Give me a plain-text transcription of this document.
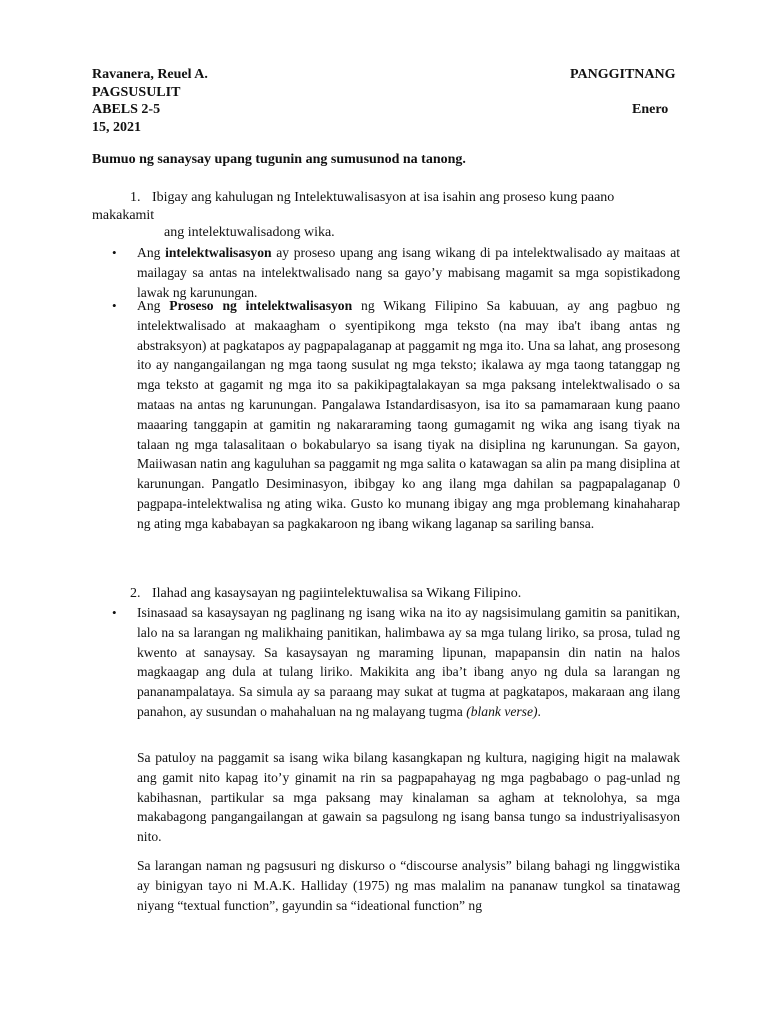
Ravanera, Reuel A.	PANGGITNANG
PAGSUSULIT
ABELS 2-5	Enero
15, 2021
Bumuo ng sanaysay upang tugunin ang sumusunod na tanong.
1. Ibigay ang kahulugan ng Intelektuwalisasyon at isa isahin ang proseso kung paano
makakamit
ang intelektuwalisadong wika.
• Ang intelektwalisasyon ay proseso upang ang isang wikang di pa intelektwalisado ay maitaas at mailagay sa antas na intelektwalisado nang sa gayo’y mabisang magamit sa mga sopistikadong lawak ng karunungan.

• Ang Proseso ng intelektwalisasyon ng Wikang Filipino Sa kabuuan, ay ang pagbuo ng intelektwalisado at makaagham o syentipikong mga teksto (na may iba't ibang antas ng abstraksyon) at pagkatapos ay pagpapalaganap at paggamit ng mga ito. Una sa lahat, ang prosesong ito ay nangangailangan ng mga taong susulat ng mga teksto; ikalawa ay mga taong tatanggap ng mga teksto at gagamit ng mga ito sa pakikipagtalakayan sa mga paksang intelektwalisado o sa mataas na antas ng karunungan. Pangalawa Istandardisasyon, isa ito sa pamamaraan kung paano maaaring tanggapin at gamitin ng nakararaming taong gumagamit ng wika ang isang tiyak na talaan ng mga talasalitaan o bokabularyo sa isang tiyak na disiplina ng karunungan. Sa gayon, Maiiwasan natin ang kaguluhan sa paggamit ng mga salita o katawagan sa alin pa mang disiplina at karunungan. Pangatlo Desiminasyon, ibibgay ko ang ilang mga dahilan sa pagpapalaganap 0 pagpapa-intelektwalisa ng ating wika. Gusto ko munang ibigay ang mga problemang kinahaharap ng ating mga kababayan sa pagkakaroon ng ibang wikang laganap sa sariling bansa.

2. Ilahad ang kasaysayan ng pagiintelektuwalisa sa Wikang Filipino.
• Isinasaad sa kasaysayan ng paglinang ng isang wika na ito ay nagsisimulang gamitin sa panitikan, lalo na sa larangan ng malikhaing panitikan, halimbawa ay sa mga tulang liriko, sa prosa, tulad ng kwento at sanaysay. Sa kasaysayan ng maraming lipunan, mapapansin din natin na halos magkaagap ang dula at tulang liriko. Makikita ang iba’t ibang anyo ng dula sa larangan ng pananampalataya. Sa simula ay sa paraang may sukat at tugma at pagkatapos, makaraan ang ilang panahon, ay susundan o mahahaluan na ng malayang tugma (blank verse).

Sa patuloy na paggamit sa isang wika bilang kasangkapan ng kultura, nagiging higit na malawak ang gamit nito kapag ito’y ginamit na rin sa pagpapahayag ng mga pagbabago o pag-unlad ng kabihasnan, partikular sa mga paksang may kinalaman sa agham at teknolohya, sa mga makabagong pangangailangan at gawain sa pagsulong ng isang bansa tungo sa industriyalisasyon nito.

Sa larangan naman ng pagsusuri ng diskurso o “discourse analysis” bilang bahagi ng linggwistika ay binigyan tayo ni M.A.K. Halliday (1975) ng mas malalim na pananaw tungkol sa tinatawag niyang “textual function”, gayundin sa “ideational function” ng
